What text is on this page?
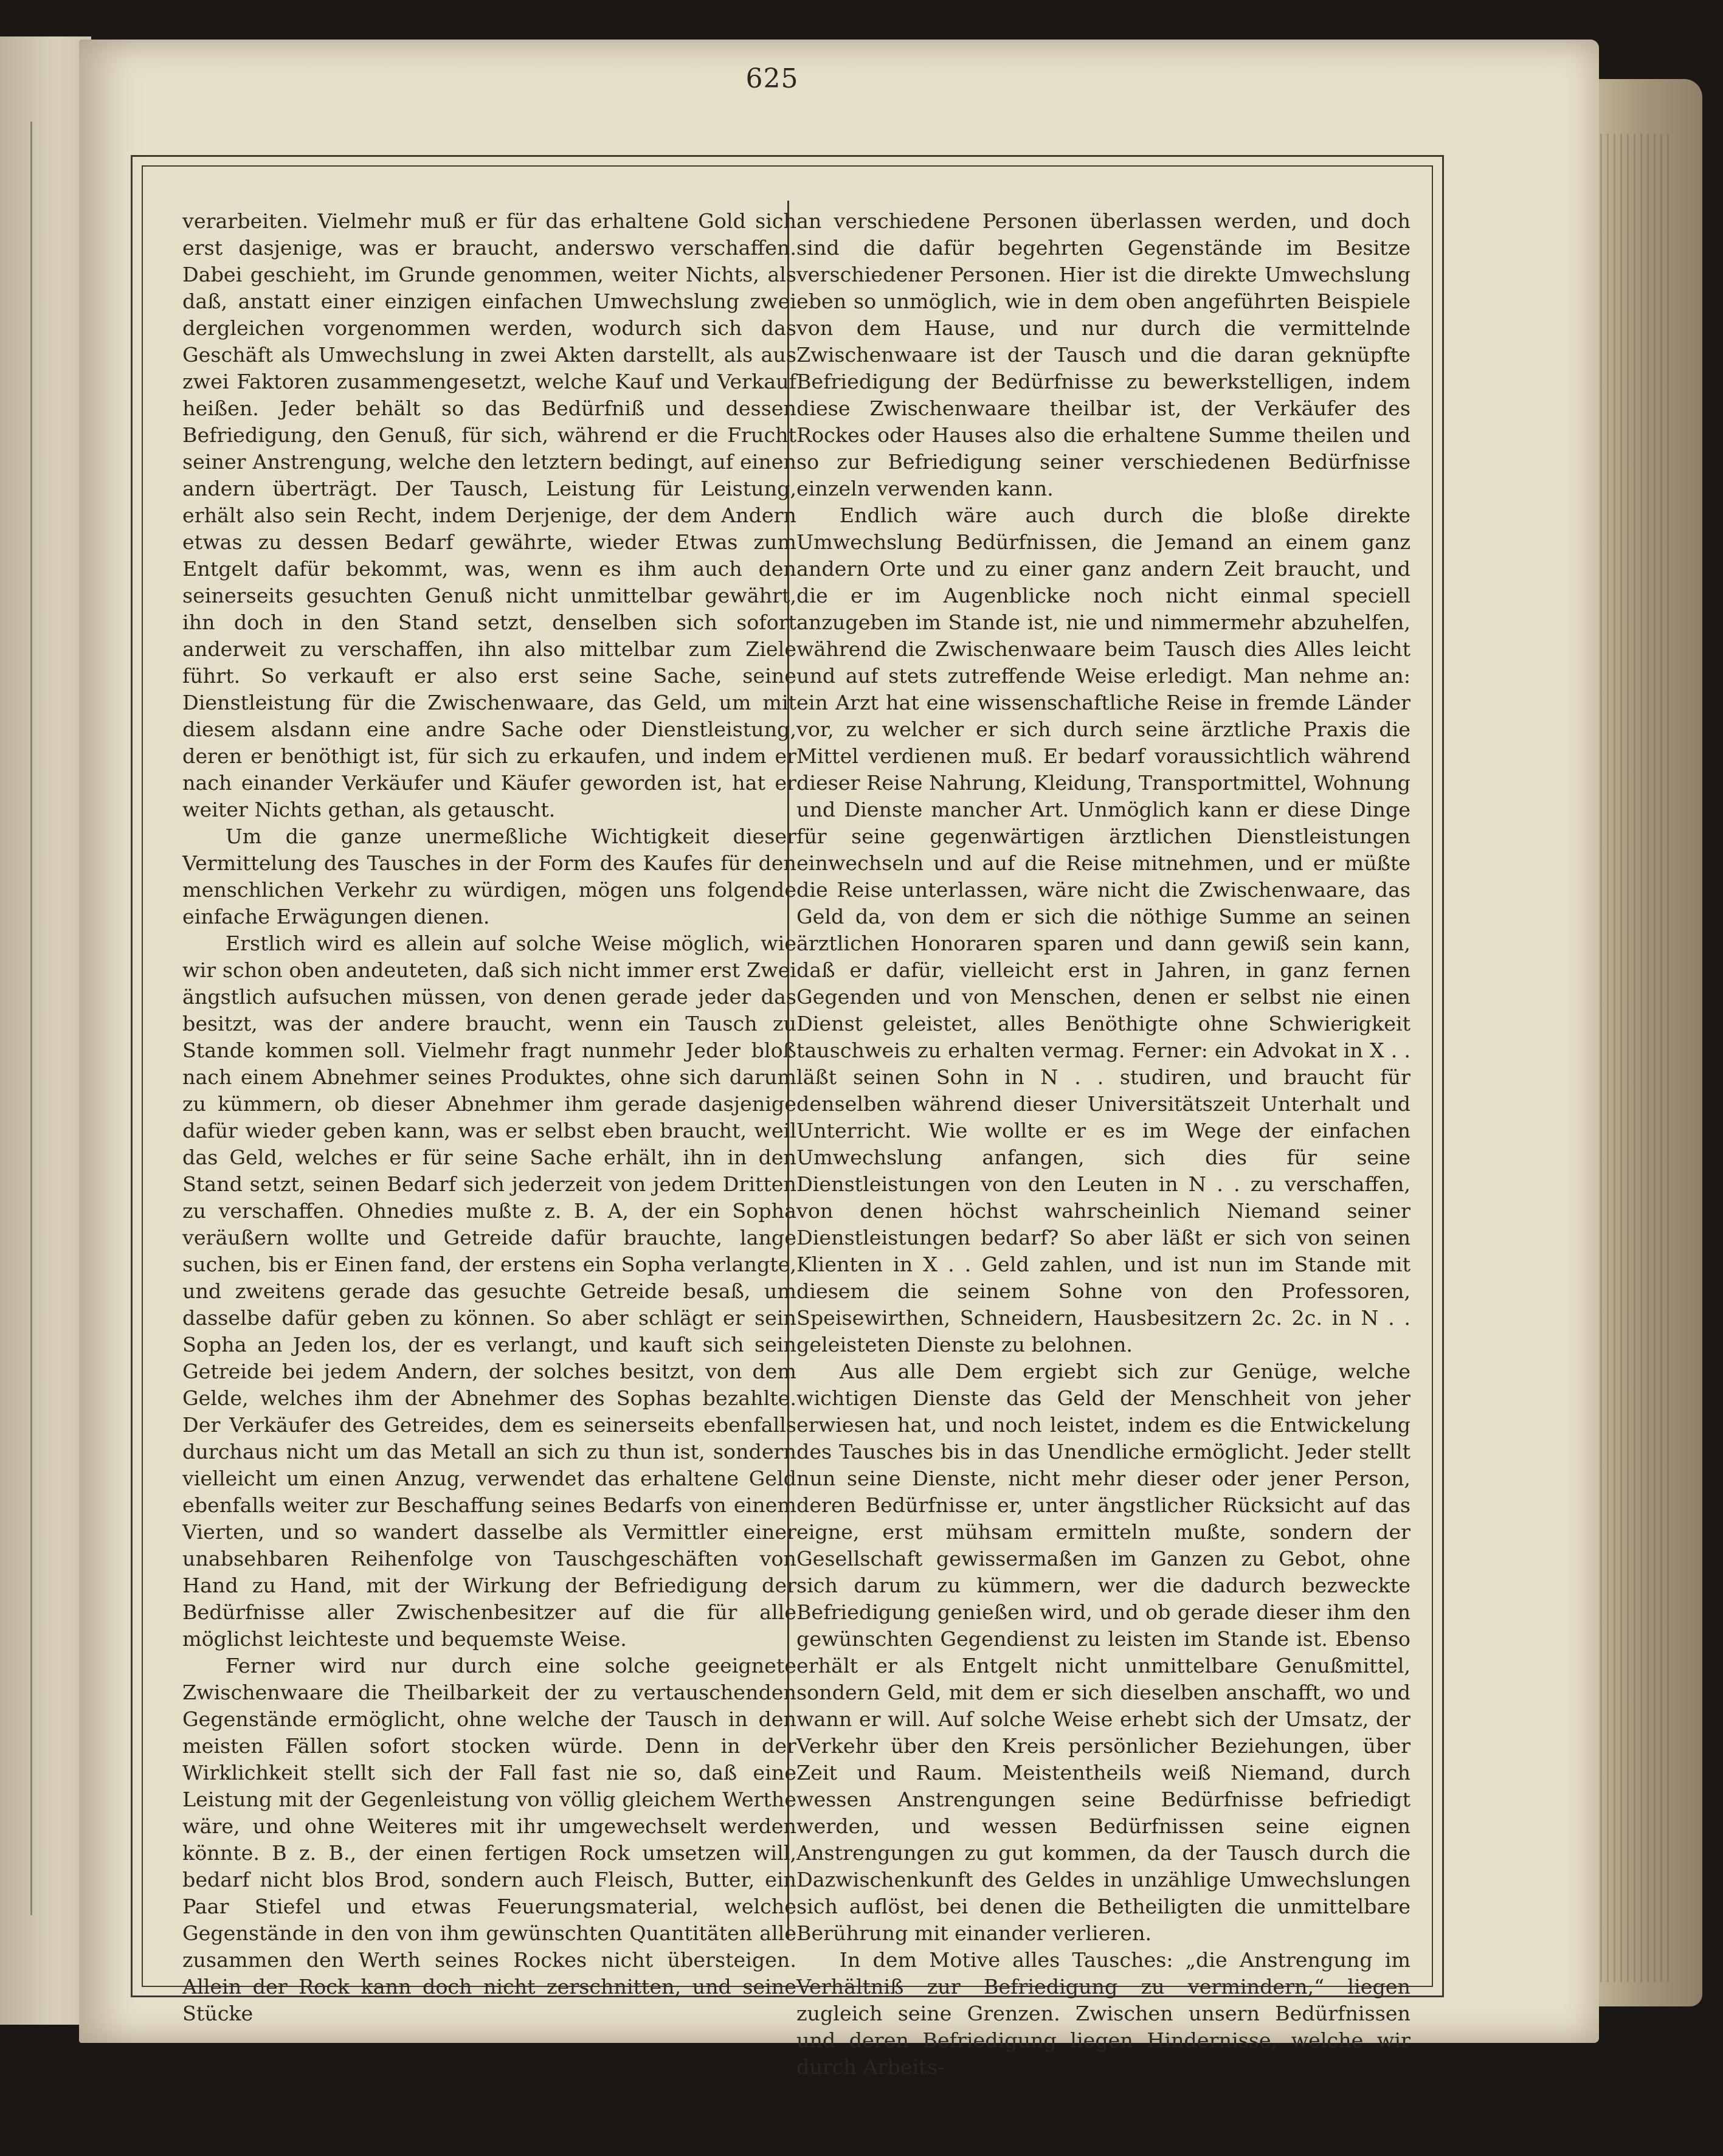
625

verarbeiten. Vielmehr muß er für das erhaltene Gold sich erst dasjenige, was er braucht, anderswo verschaffen. Dabei geschieht, im Grunde genommen, weiter Nichts, als daß, anstatt einer einzigen einfachen Umwechslung zwei dergleichen vorgenommen werden, wodurch sich das Geschäft als Umwechslung in zwei Akten darstellt, als aus zwei Faktoren zusammengesetzt, welche Kauf und Verkauf heißen. Jeder behält so das Bedürfniß und dessen Befriedigung, den Genuß, für sich, während er die Frucht seiner Anstrengung, welche den letztern bedingt, auf einen andern überträgt. Der Tausch, Leistung für Leistung, erhält also sein Recht, indem Derjenige, der dem Andern etwas zu dessen Bedarf gewährte, wieder Etwas zum Entgelt dafür bekommt, was, wenn es ihm auch den seinerseits gesuchten Genuß nicht unmittelbar gewährt, ihn doch in den Stand setzt, denselben sich sofort anderweit zu verschaffen, ihn also mittelbar zum Ziele führt. So verkauft er also erst seine Sache, seine Dienstleistung für die Zwischenwaare, das Geld, um mit diesem alsdann eine andre Sache oder Dienstleistung, deren er benöthigt ist, für sich zu erkaufen, und indem er nach einander Verkäufer und Käufer geworden ist, hat er weiter Nichts gethan, als getauscht.

Um die ganze unermeßliche Wichtigkeit dieser Vermittelung des Tausches in der Form des Kaufes für den menschlichen Verkehr zu würdigen, mögen uns folgende einfache Erwägungen dienen.

Erstlich wird es allein auf solche Weise möglich, wie wir schon oben andeuteten, daß sich nicht immer erst Zwei ängstlich aufsuchen müssen, von denen gerade jeder das besitzt, was der andere braucht, wenn ein Tausch zu Stande kommen soll. Vielmehr fragt nunmehr Jeder bloß nach einem Abnehmer seines Produktes, ohne sich darum zu kümmern, ob dieser Abnehmer ihm gerade dasjenige dafür wieder geben kann, was er selbst eben braucht, weil das Geld, welches er für seine Sache erhält, ihn in den Stand setzt, seinen Bedarf sich jederzeit von jedem Dritten zu verschaffen. Ohnedies mußte z. B. A, der ein Sopha veräußern wollte und Getreide dafür brauchte, lange suchen, bis er Einen fand, der erstens ein Sopha verlangte, und zweitens gerade das gesuchte Getreide besaß, um dasselbe dafür geben zu können. So aber schlägt er sein Sopha an Jeden los, der es verlangt, und kauft sich sein Getreide bei jedem Andern, der solches besitzt, von dem Gelde, welches ihm der Abnehmer des Sophas bezahlte. Der Verkäufer des Getreides, dem es seinerseits ebenfalls durchaus nicht um das Metall an sich zu thun ist, sondern vielleicht um einen Anzug, verwendet das erhaltene Geld ebenfalls weiter zur Beschaffung seines Bedarfs von einem Vierten, und so wandert dasselbe als Vermittler einer unabsehbaren Reihenfolge von Tauschgeschäften von Hand zu Hand, mit der Wirkung der Befriedigung der Bedürfnisse aller Zwischenbesitzer auf die für alle möglichst leichteste und bequemste Weise.

Ferner wird nur durch eine solche geeignete Zwischenwaare die Theilbarkeit der zu vertauschenden Gegenstände ermöglicht, ohne welche der Tausch in den meisten Fällen sofort stocken würde. Denn in der Wirklichkeit stellt sich der Fall fast nie so, daß eine Leistung mit der Gegenleistung von völlig gleichem Werthe wäre, und ohne Weiteres mit ihr umgewechselt werden könnte. B z. B., der einen fertigen Rock umsetzen will, bedarf nicht blos Brod, sondern auch Fleisch, Butter, ein Paar Stiefel und etwas Feuerungsmaterial, welche Gegenstände in den von ihm gewünschten Quantitäten alle zusammen den Werth seines Rockes nicht übersteigen. Allein der Rock kann doch nicht zerschnitten, und seine Stücke

an verschiedene Personen überlassen werden, und doch sind die dafür begehrten Gegenstände im Besitze verschiedener Personen. Hier ist die direkte Umwechslung eben so unmöglich, wie in dem oben angeführten Beispiele von dem Hause, und nur durch die vermittelnde Zwischenwaare ist der Tausch und die daran geknüpfte Befriedigung der Bedürfnisse zu bewerkstelligen, indem diese Zwischenwaare theilbar ist, der Verkäufer des Rockes oder Hauses also die erhaltene Summe theilen und so zur Befriedigung seiner verschiedenen Bedürfnisse einzeln verwenden kann.

Endlich wäre auch durch die bloße direkte Umwechslung Bedürfnissen, die Jemand an einem ganz andern Orte und zu einer ganz andern Zeit braucht, und die er im Augenblicke noch nicht einmal speciell anzugeben im Stande ist, nie und nimmermehr abzuhelfen, während die Zwischenwaare beim Tausch dies Alles leicht und auf stets zutreffende Weise erledigt. Man nehme an: ein Arzt hat eine wissenschaftliche Reise in fremde Länder vor, zu welcher er sich durch seine ärztliche Praxis die Mittel verdienen muß. Er bedarf voraussichtlich während dieser Reise Nahrung, Kleidung, Transportmittel, Wohnung und Dienste mancher Art. Unmöglich kann er diese Dinge für seine gegenwärtigen ärztlichen Dienstleistungen einwechseln und auf die Reise mitnehmen, und er müßte die Reise unterlassen, wäre nicht die Zwischenwaare, das Geld da, von dem er sich die nöthige Summe an seinen ärztlichen Honoraren sparen und dann gewiß sein kann, daß er dafür, vielleicht erst in Jahren, in ganz fernen Gegenden und von Menschen, denen er selbst nie einen Dienst geleistet, alles Benöthigte ohne Schwierigkeit tauschweis zu erhalten vermag. Ferner: ein Advokat in X . . läßt seinen Sohn in N . . studiren, und braucht für denselben während dieser Universitätszeit Unterhalt und Unterricht. Wie wollte er es im Wege der einfachen Umwechslung anfangen, sich dies für seine Dienstleistungen von den Leuten in N . . zu verschaffen, von denen höchst wahrscheinlich Niemand seiner Dienstleistungen bedarf? So aber läßt er sich von seinen Klienten in X . . Geld zahlen, und ist nun im Stande mit diesem die seinem Sohne von den Professoren, Speisewirthen, Schneidern, Hausbesitzern 2c. 2c. in N . . geleisteten Dienste zu belohnen.

Aus alle Dem ergiebt sich zur Genüge, welche wichtigen Dienste das Geld der Menschheit von jeher erwiesen hat, und noch leistet, indem es die Entwickelung des Tausches bis in das Unendliche ermöglicht. Jeder stellt nun seine Dienste, nicht mehr dieser oder jener Person, deren Bedürfnisse er, unter ängstlicher Rücksicht auf das eigne, erst mühsam ermitteln mußte, sondern der Gesellschaft gewissermaßen im Ganzen zu Gebot, ohne sich darum zu kümmern, wer die dadurch bezweckte Befriedigung genießen wird, und ob gerade dieser ihm den gewünschten Gegendienst zu leisten im Stande ist. Ebenso erhält er als Entgelt nicht unmittelbare Genußmittel, sondern Geld, mit dem er sich dieselben anschafft, wo und wann er will. Auf solche Weise erhebt sich der Umsatz, der Verkehr über den Kreis persönlicher Beziehungen, über Zeit und Raum. Meistentheils weiß Niemand, durch wessen Anstrengungen seine Bedürfnisse befriedigt werden, und wessen Bedürfnissen seine eignen Anstrengungen zu gut kommen, da der Tausch durch die Dazwischenkunft des Geldes in unzählige Umwechslungen sich auflöst, bei denen die Betheiligten die unmittelbare Berührung mit einander verlieren.

In dem Motive alles Tausches: „die Anstrengung im Verhältniß zur Befriedigung zu vermindern,“ liegen zugleich seine Grenzen. Zwischen unsern Bedürfnissen und deren Befriedigung liegen Hindernisse, welche wir durch Arbeits-
